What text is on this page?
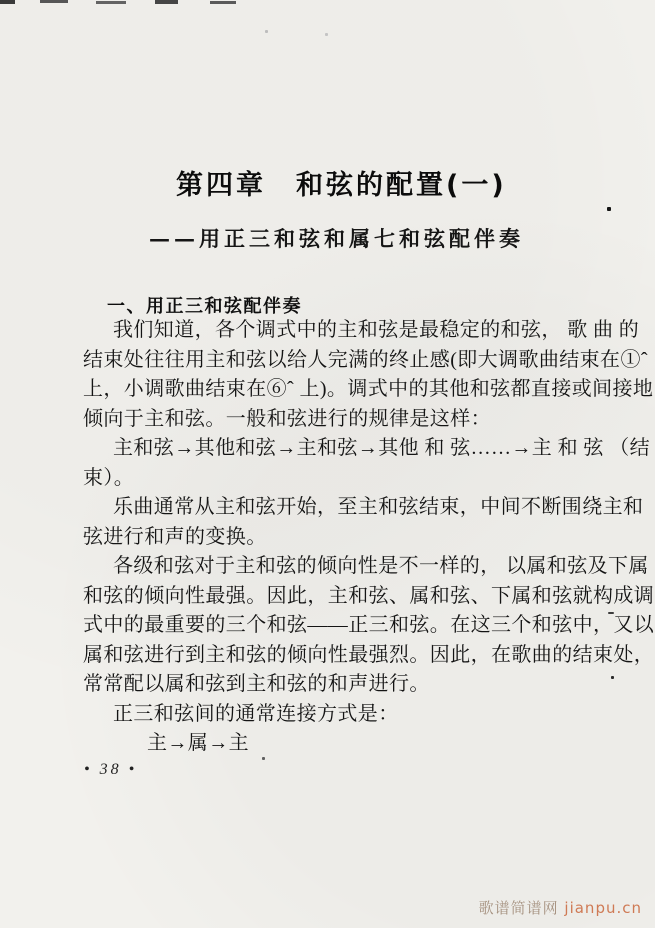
第四章　和弦的配置(一)
——用正三和弦和属七和弦配伴奏
一、用正三和弦配伴奏
我们知道，各个调式中的主和弦是最稳定的和弦， 歌 曲 的
结束处往往用主和弦以给人完满的终止感(即大调歌曲结束在①ˆ
上，小调歌曲结束在⑥ˆ 上)。调式中的其他和弦都直接或间接地
倾向于主和弦。一般和弦进行的规律是这样：
主和弦→其他和弦→主和弦→其他 和 弦……→主 和 弦 （结
束）。
乐曲通常从主和弦开始，至主和弦结束，中间不断围绕主和
弦进行和声的变换。
各级和弦对于主和弦的倾向性是不一样的， 以属和弦及下属
和弦的倾向性最强。因此，主和弦、属和弦、下属和弦就构成调
式中的最重要的三个和弦——正三和弦。在这三个和弦中，又以
属和弦进行到主和弦的倾向性最强烈。因此，在歌曲的结束处，
常常配以属和弦到主和弦的和声进行。
正三和弦间的通常连接方式是：
主→属→主
• 38 •
歌谱简谱网 jianpu.cn
